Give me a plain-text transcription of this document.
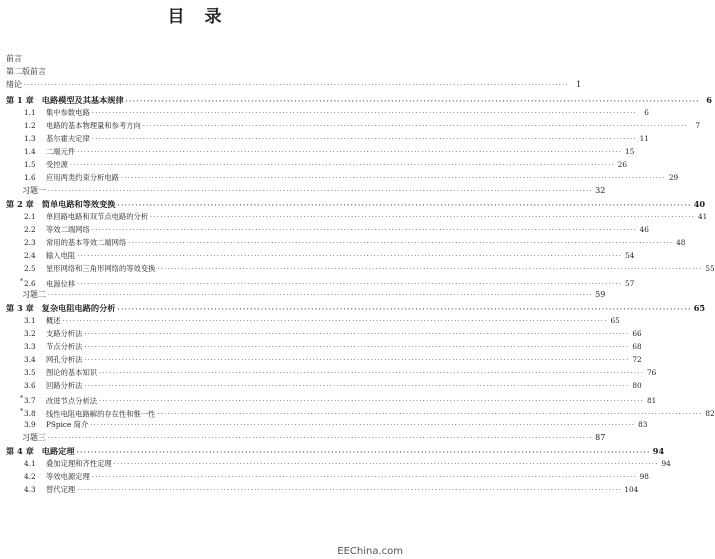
目录
前言
第二版前言
绪论 ································································································································································ 1
第 1 章 电路模型及其基本规律 ································································································································································ 6
1.1 集中参数电路 ································································································································································	6
1.2 电路的基本物理量和参考方向 ································································································································································	7
1.3 基尔霍夫定律 ································································································································································ 11
1.4 二端元件 ································································································································································ 15
1.5 受控源 ································································································································································ 26
1.6 应用两类约束分析电路 ································································································································································ 29
习题一 ································································································································································ 32
第 2 章 简单电路和等效变换 ································································································································································ 40
2.1 单回路电路和双节点电路的分析 ································································································································································ 41
2.2 等效二端网络 ································································································································································ 46
2.3 常用的基本等效二端网络 ································································································································································ 48
2.4 输入电阻 ································································································································································ 54
2.5 星形网络和三角形网络的等效变换 ································································································································································ 55
*2.6 电源位移 ································································································································································ 57
习题二 ································································································································································ 59
第 3 章 复杂电阻电路的分析 ································································································································································ 65
3.1 概述 ································································································································································ 65
3.2 支路分析法 ································································································································································ 66
3.3 节点分析法 ································································································································································ 68
3.4 网孔分析法 ································································································································································ 72
3.5 图论的基本知识 ································································································································································ 76
3.6 回路分析法 ································································································································································ 80
*3.7 改进节点分析法 ································································································································································ 81
*3.8 线性电阻电路解的存在性和惟一性 ································································································································································ 82
3.9 PSpice 简介 ································································································································································ 83
习题三 ································································································································································ 87
第 4 章 电路定理 ································································································································································ 94
4.1 叠加定理和齐性定理 ································································································································································ 94
4.2 等效电源定理 ································································································································································ 98
4.3 替代定理 ································································································································································ 104
EEChina.com
